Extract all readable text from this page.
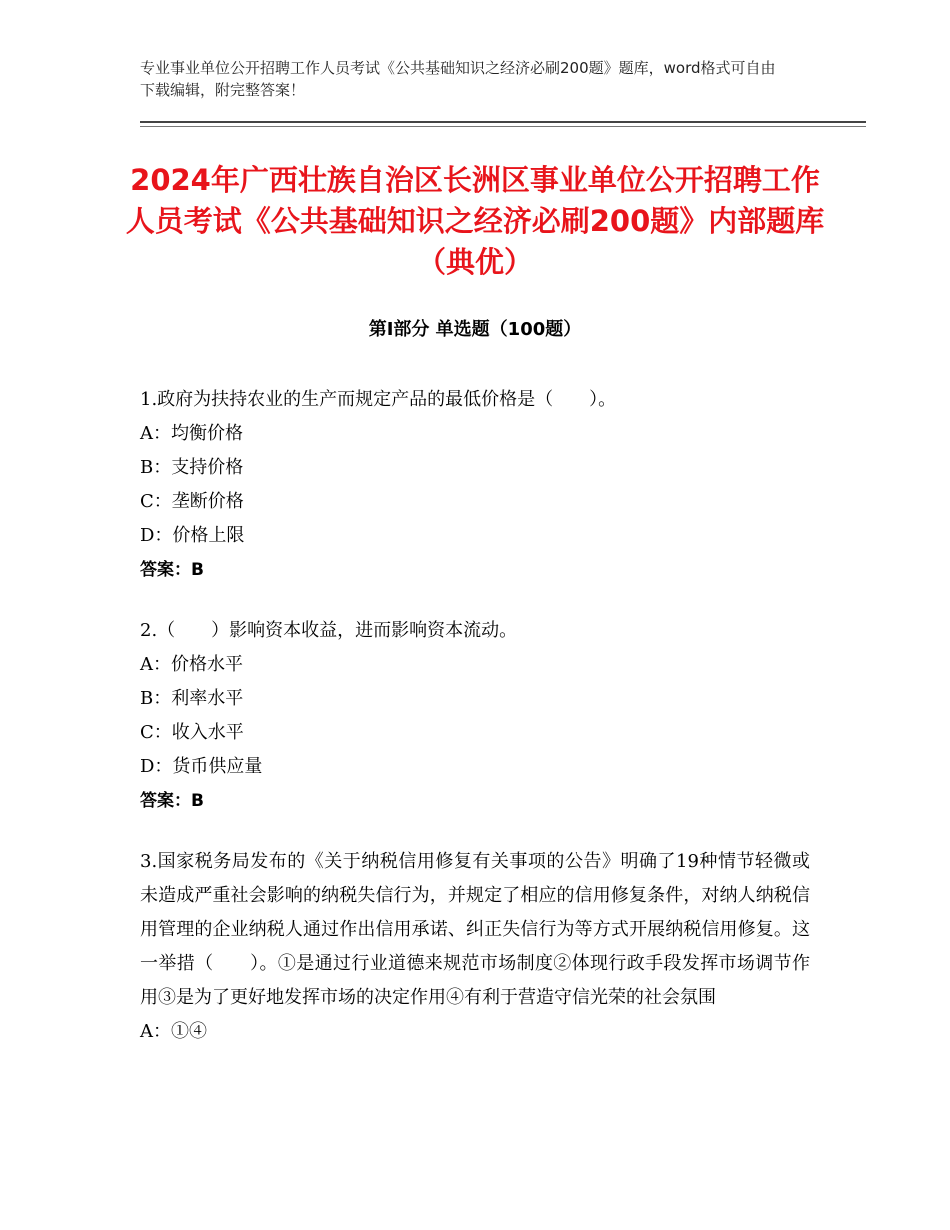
专业事业单位公开招聘工作人员考试《公共基础知识之经济必刷200题》题库，word格式可自由下载编辑，附完整答案！
2024年广西壮族自治区长洲区事业单位公开招聘工作人员考试《公共基础知识之经济必刷200题》内部题库（典优）
第Ⅰ部分 单选题（100题）
1.政府为扶持农业的生产而规定产品的最低价格是（　　）。
A：均衡价格
B：支持价格
C：垄断价格
D：价格上限
答案：B
2.（　　）影响资本收益，进而影响资本流动。
A：价格水平
B：利率水平
C：收入水平
D：货币供应量
答案：B
3.国家税务局发布的《关于纳税信用修复有关事项的公告》明确了19种情节轻微或未造成严重社会影响的纳税失信行为，并规定了相应的信用修复条件，对纳人纳税信用管理的企业纳税人通过作出信用承诺、纠正失信行为等方式开展纳税信用修复。这一举措（　　）。①是通过行业道德来规范市场制度②体现行政手段发挥市场调节作用③是为了更好地发挥市场的决定作用④有利于营造守信光荣的社会氛围
A：①④
